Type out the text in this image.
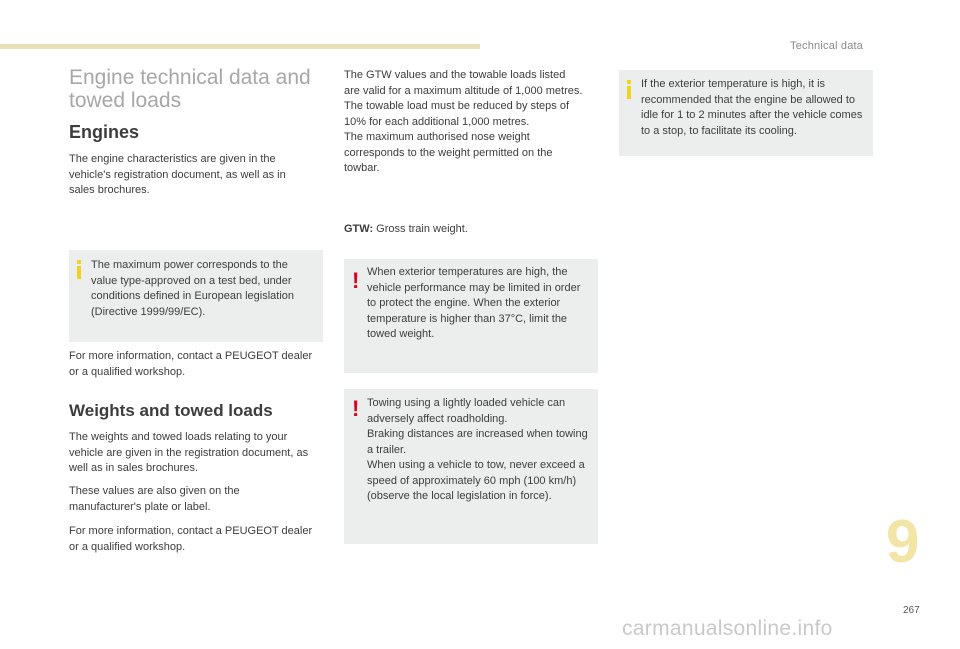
Technical data
Engine technical data and towed loads
Engines

The engine characteristics are given in the vehicle's registration document, as well as in sales brochures.

The maximum power corresponds to the value type-approved on a test bed, under conditions defined in European legislation (Directive 1999/99/EC).

For more information, contact a PEUGEOT dealer or a qualified workshop.

Weights and towed loads

The weights and towed loads relating to your vehicle are given in the registration document, as well as in sales brochures.

These values are also given on the manufacturer's plate or label.

For more information, contact a PEUGEOT dealer or a qualified workshop.

The GTW values and the towable loads listed are valid for a maximum altitude of 1,000 metres. The towable load must be reduced by steps of 10% for each additional 1,000 metres.

The maximum authorised nose weight corresponds to the weight permitted on the towbar.

GTW: Gross train weight.

! When exterior temperatures are high, the vehicle performance may be limited in order to protect the engine. When the exterior temperature is higher than 37°C, limit the towed weight.

! Towing using a lightly loaded vehicle can adversely affect roadholding.

Braking distances are increased when towing a trailer.

When using a vehicle to tow, never exceed a speed of approximately 60 mph (100 km/h) (observe the local legislation in force).

If the exterior temperature is high, it is recommended that the engine be allowed to idle for 1 to 2 minutes after the vehicle comes to a stop, to facilitate its cooling.

9
267
carmanualsonline.info
